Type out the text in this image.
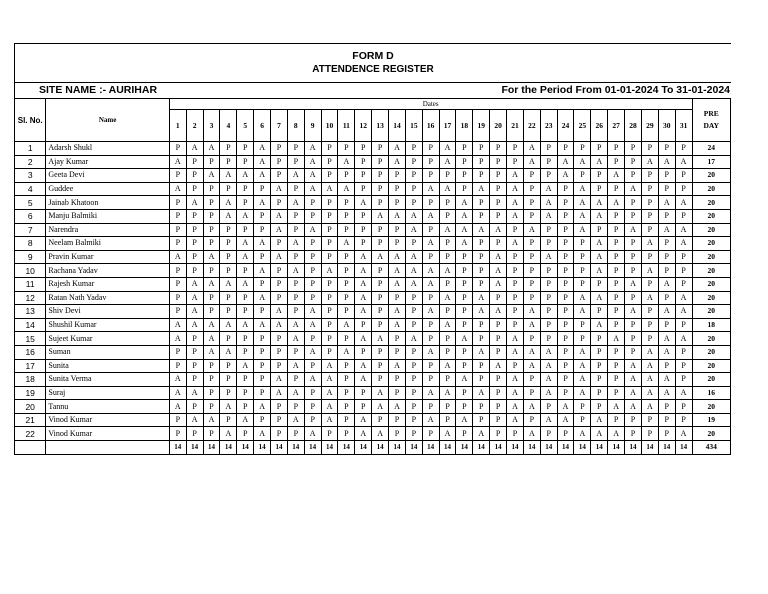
FORM D
ATTENDENCE REGISTER
SITE NAME :- AURIHAR	For the Period From 01-01-2024 To 31-01-2024
Sl. No.	Name	Dates																															PRE
DAY

		1	2	3	4	5	6	7	8	9	10	11	12	13	14	15	16	17	18	19	20	21	22	23	24	25	26	27	28	29	30	31	
1	Adarsh Shukl	P	A	A	P	P	A	P	P	A	P	P	P	P	A	P	P	A	P	P	P	P	A	P	P	P	P	P	P	P	P	P	24
2	Ajay Kumar	A	P	P	P	P	A	P	P	A	P	A	P	P	A	P	P	A	P	P	P	P	A	P	A	A	A	P	P	A	A	A	17
3	Geeta Devi	P	P	A	A	A	A	P	A	A	P	P	P	P	P	P	P	P	P	P	P	A	P	P	A	P	P	A	P	P	P	P	20
4	Guddee	A	P	P	P	P	P	A	P	A	A	A	P	P	P	P	A	A	P	A	P	A	P	A	P	A	P	P	A	P	P	P	20
5	Jainab Khatoon	P	A	P	A	P	A	P	A	P	P	P	A	P	P	P	P	P	A	P	P	A	P	A	P	A	A	A	P	P	A	A	20
6	Manju Balmiki	P	P	P	A	A	P	A	P	P	P	P	P	A	A	A	A	P	A	P	P	A	P	A	P	A	A	P	P	P	P	P	20
7	Narendra	P	P	P	P	P	P	A	P	A	P	P	P	P	P	A	P	A	A	A	A	P	A	P	P	A	P	P	A	P	A	A	20
8	Neelam Balmiki	P	P	P	P	A	A	P	A	P	P	A	P	P	P	P	A	P	A	P	P	A	P	P	P	P	A	P	P	A	P	A	20
9	Pravin Kumar	A	P	A	P	A	P	A	P	P	P	P	A	A	A	A	P	P	P	P	A	P	P	A	P	P	A	P	P	P	P	P	20
10	Rachana Yadav	P	P	P	P	P	A	P	A	P	A	P	A	P	A	A	A	A	P	P	A	P	P	P	P	P	A	P	P	A	P	P	20
11	Rajesh Kumar	P	A	A	A	A	P	P	P	P	P	P	A	P	A	A	A	P	P	P	A	P	P	P	P	P	P	P	A	P	A	P	20
12	Ratan Nath Yadav	P	A	P	P	P	A	P	P	P	P	P	A	P	P	P	P	A	P	A	P	P	P	P	P	A	A	P	P	A	P	A	20
13	Shiv Devi	P	A	P	P	P	P	A	P	A	P	P	A	P	A	P	A	P	P	A	A	P	A	P	P	A	P	P	A	P	A	A	20
14	Shushil Kumar	A	A	A	A	A	A	A	A	A	P	A	P	P	A	P	P	A	P	P	P	P	A	P	P	P	A	P	P	P	P	P	18
15	Sujeet Kumar	A	P	A	P	P	P	P	A	P	P	P	A	A	P	A	P	P	A	P	P	A	P	P	P	P	P	A	P	P	A	A	20
16	Suman	P	P	A	A	P	P	P	P	A	P	A	P	P	P	P	A	P	P	A	P	A	A	A	P	A	P	P	P	A	A	P	20
17	Sunita	P	P	P	P	A	P	P	A	P	A	P	A	P	A	P	P	A	P	P	A	P	A	A	P	A	P	P	A	A	P	P	20
18	Sunita Verma	A	P	P	P	P	P	A	P	A	A	P	A	P	P	P	P	P	A	P	P	A	P	A	P	A	P	P	A	A	A	P	20
19	Suraj	A	A	P	P	P	P	A	A	P	A	P	P	A	P	P	A	A	P	A	P	A	P	A	P	A	P	P	A	A	A	A	16
20	Tannu	A	P	P	A	P	A	P	P	P	A	P	P	A	A	P	P	P	P	P	P	A	A	P	A	P	P	A	A	A	P	P	20
21	Vinod Kumar	P	A	A	P	A	P	P	A	P	A	P	A	P	P	P	A	P	A	P	P	A	P	A	A	P	A	P	P	P	P	P	19
22	Vinod Kumar	P	P	P	A	P	A	P	P	A	P	P	A	A	P	P	P	A	P	A	P	P	A	P	P	A	A	A	P	P	P	A	20
		14	14	14	14	14	14	14	14	14	14	14	14	14	14	14	14	14	14	14	14	14	14	14	14	14	14	14	14	14	14	14	434
